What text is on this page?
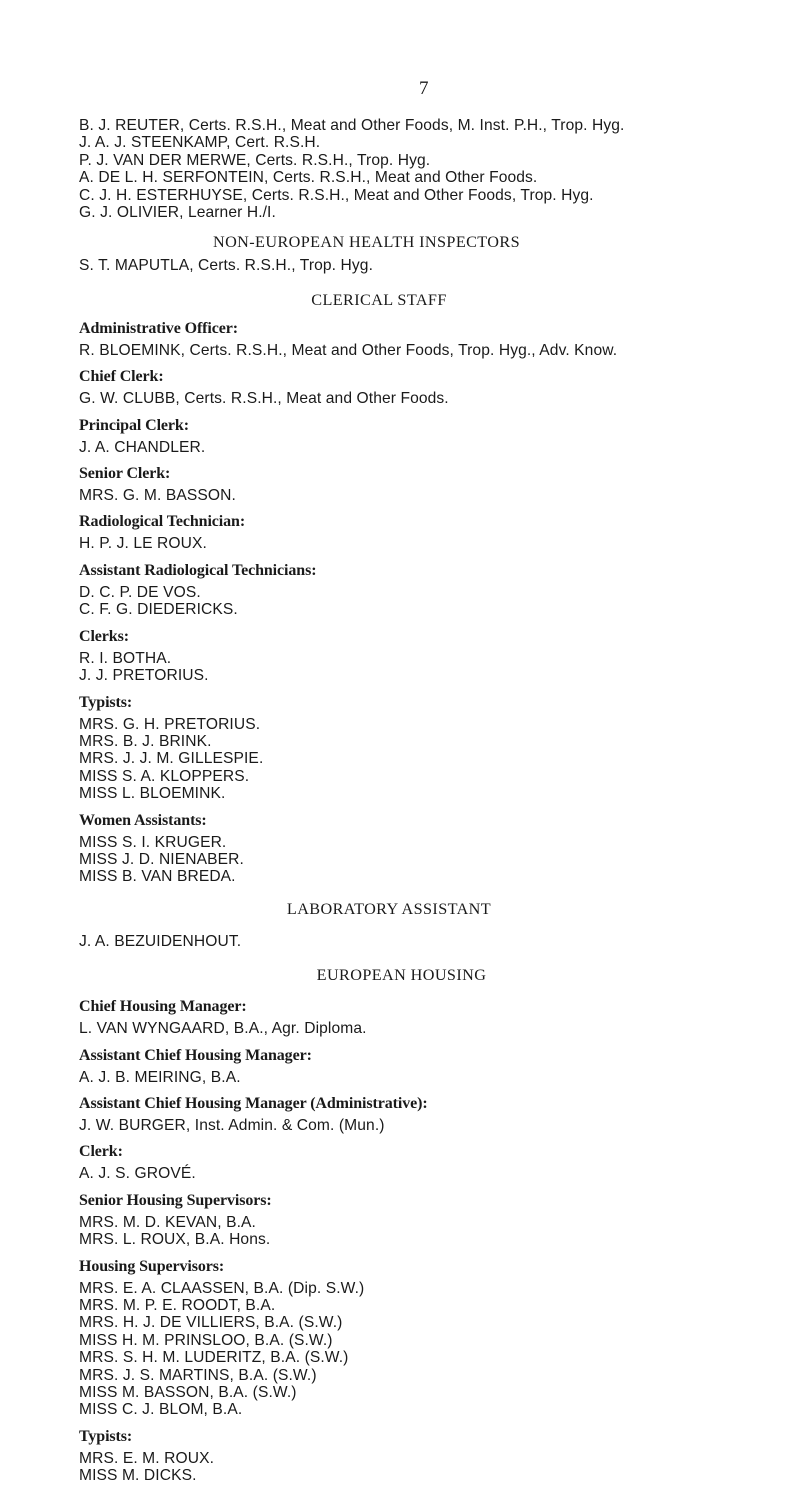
7
B. J. REUTER, Certs. R.S.H., Meat and Other Foods, M. Inst. P.H., Trop. Hyg.
J. A. J. STEENKAMP, Cert. R.S.H.
P. J. VAN DER MERWE, Certs. R.S.H., Trop. Hyg.
A. DE L. H. SERFONTEIN, Certs. R.S.H., Meat and Other Foods.
C. J. H. ESTERHUYSE, Certs. R.S.H., Meat and Other Foods, Trop. Hyg.
G. J. OLIVIER, Learner H./I.
NON-EUROPEAN HEALTH INSPECTORS
S. T. MAPUTLA, Certs. R.S.H., Trop. Hyg.
CLERICAL STAFF
Administrative Officer:
R. BLOEMINK, Certs. R.S.H., Meat and Other Foods, Trop. Hyg., Adv. Know.
Chief Clerk:
G. W. CLUBB, Certs. R.S.H., Meat and Other Foods.
Principal Clerk:
J. A. CHANDLER.
Senior Clerk:
MRS. G. M. BASSON.
Radiological Technician:
H. P. J. LE ROUX.
Assistant Radiological Technicians:
D. C. P. DE VOS.
C. F. G. DIEDERICKS.
Clerks:
R. I. BOTHA.
J. J. PRETORIUS.
Typists:
MRS. G. H. PRETORIUS.
MRS. B. J. BRINK.
MRS. J. J. M. GILLESPIE.
MISS S. A. KLOPPERS.
MISS L. BLOEMINK.
Women Assistants:
MISS S. I. KRUGER.
MISS J. D. NIENABER.
MISS B. VAN BREDA.
LABORATORY ASSISTANT
J. A. BEZUIDENHOUT.
EUROPEAN HOUSING
Chief Housing Manager:
L. VAN WYNGAARD, B.A., Agr. Diploma.
Assistant Chief Housing Manager:
A. J. B. MEIRING, B.A.
Assistant Chief Housing Manager (Administrative):
J. W. BURGER, Inst. Admin. & Com. (Mun.)
Clerk:
A. J. S. GROVÉ.
Senior Housing Supervisors:
MRS. M. D. KEVAN, B.A.
MRS. L. ROUX, B.A. Hons.
Housing Supervisors:
MRS. E. A. CLAASSEN, B.A. (Dip. S.W.)
MRS. M. P. E. ROODT, B.A.
MRS. H. J. DE VILLIERS, B.A. (S.W.)
MISS H. M. PRINSLOO, B.A. (S.W.)
MRS. S. H. M. LUDERITZ, B.A. (S.W.)
MRS. J. S. MARTINS, B.A. (S.W.)
MISS M. BASSON, B.A. (S.W.)
MISS C. J. BLOM, B.A.
Typists:
MRS. E. M. ROUX.
MISS M. DICKS.
